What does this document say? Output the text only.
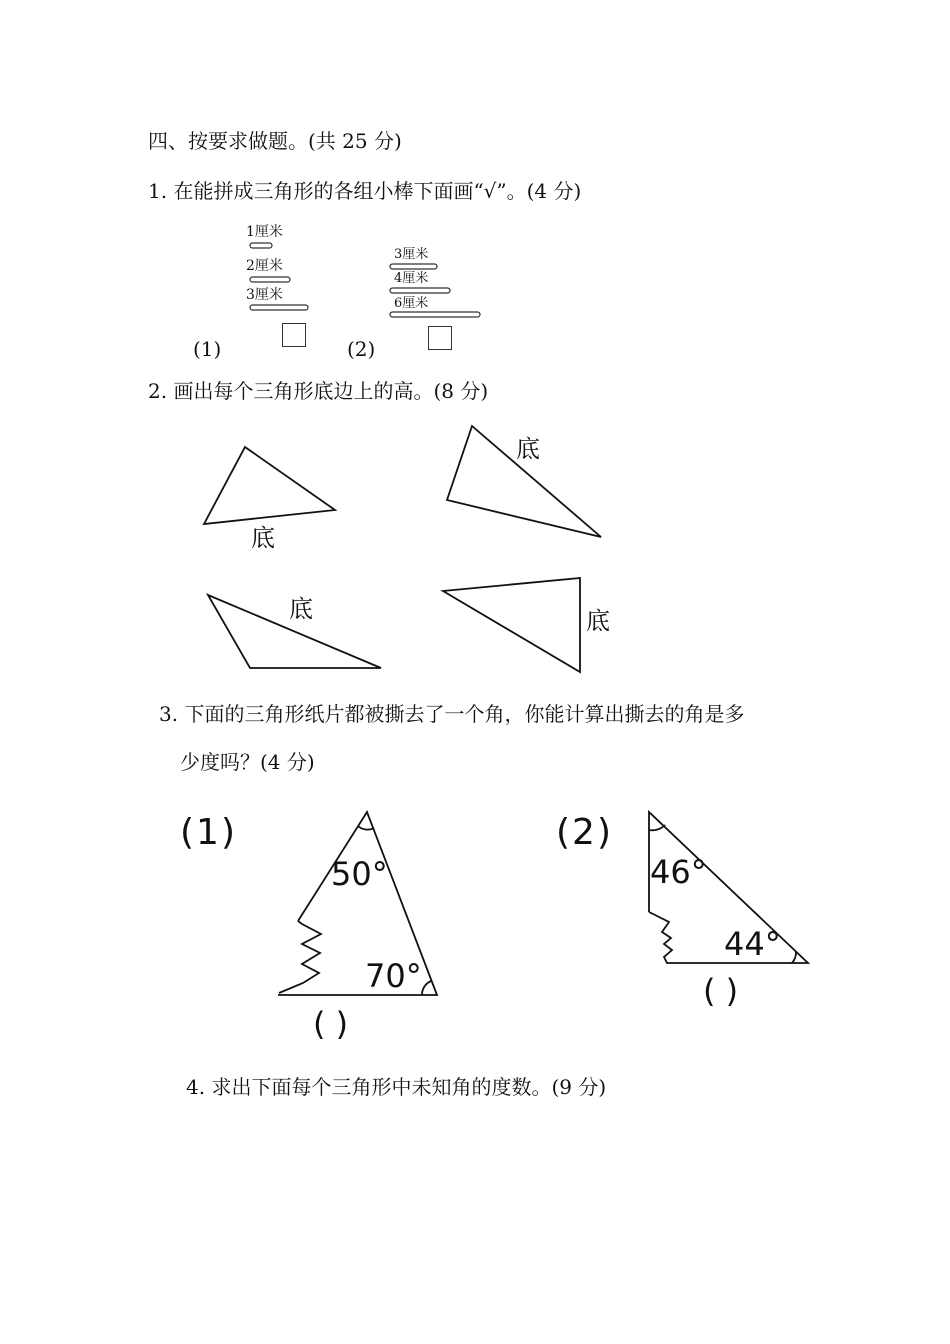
四、按要求做题。(共 25 分)
1. 在能拼成三角形的各组小棒下面画“√”。(4 分)
1厘米
2厘米
3厘米
3厘米
4厘米
6厘米
(1)	(2)
2. 画出每个三角形底边上的高。(8 分)
3. 下面的三角形纸片都被撕去了一个角，你能计算出撕去的角是多
少度吗？(4 分)
4. 求出下面每个三角形中未知角的度数。(9 分)
底
底
底	底
(1)
50°
70°
( )
(2)
46°
44°
( )
